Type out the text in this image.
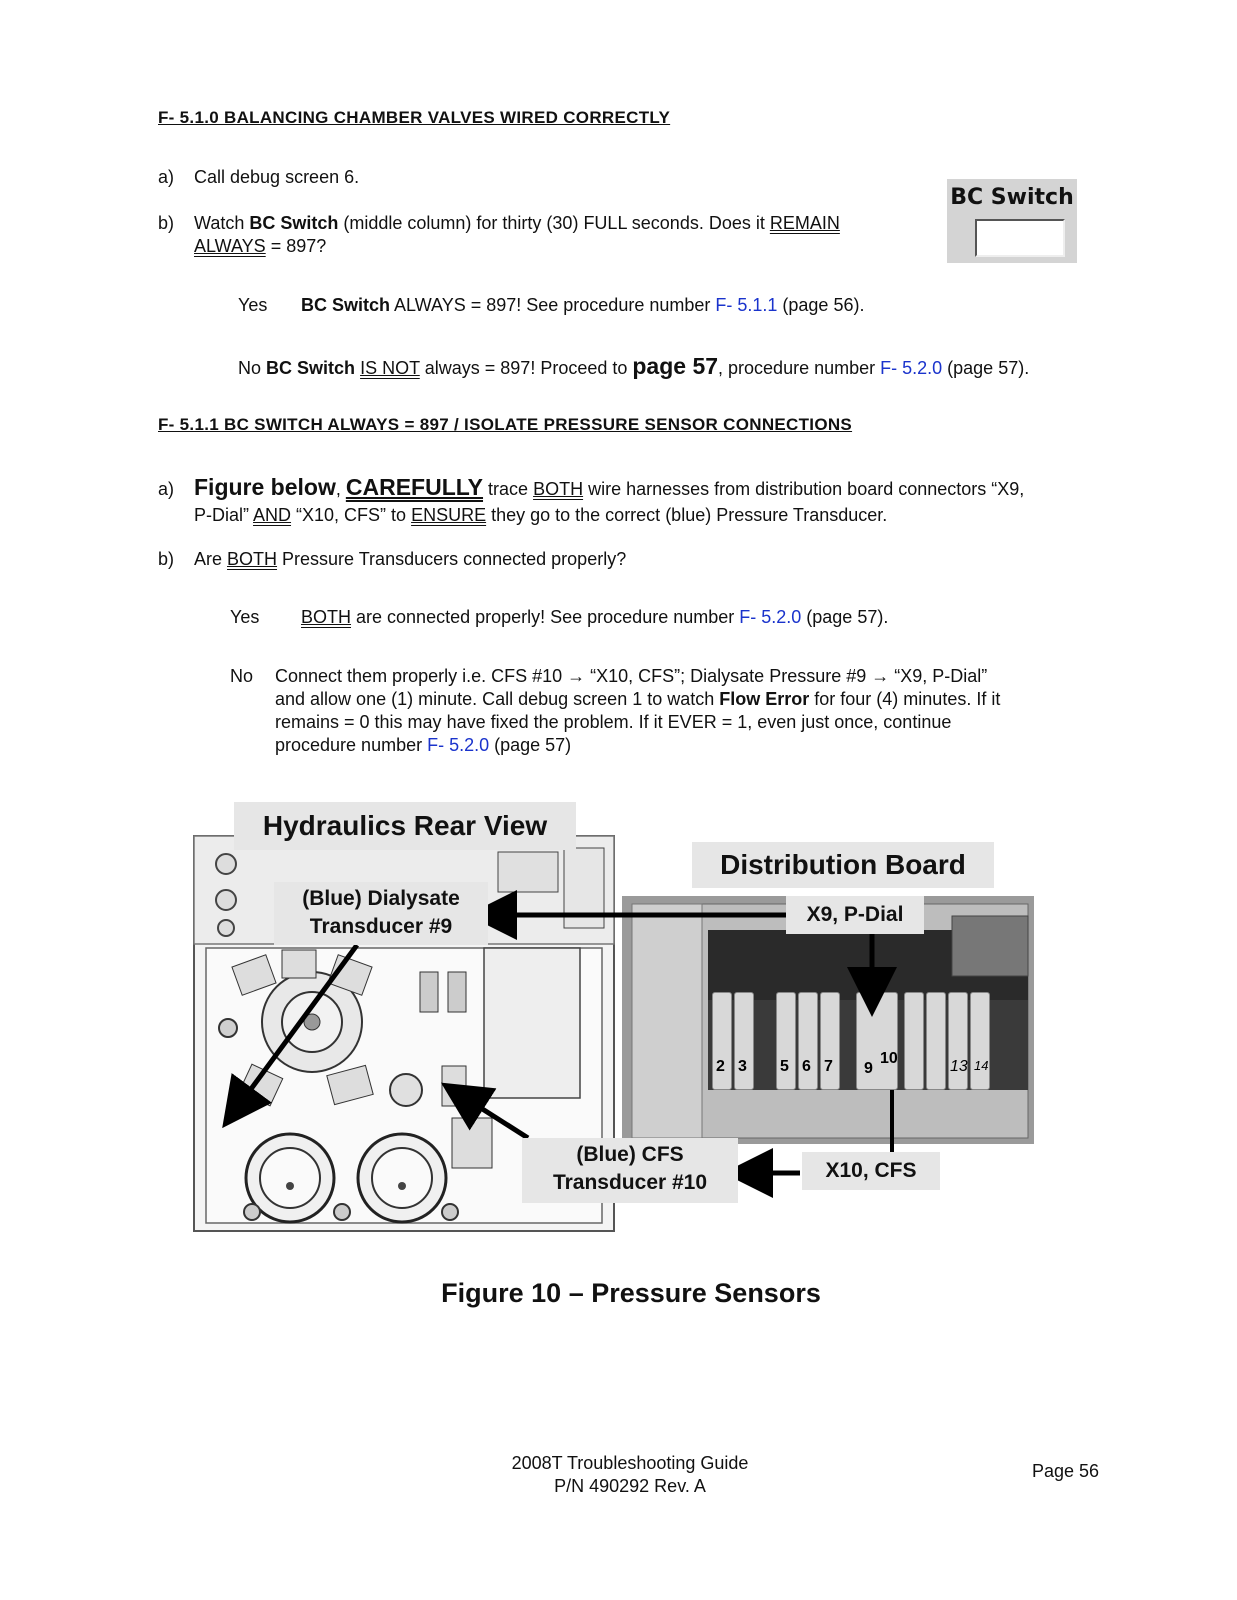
F- 5.1.0 BALANCING CHAMBER VALVES WIRED CORRECTLY
a) Call debug screen 6.
b) Watch BC Switch (middle column) for thirty (30) FULL seconds. Does it REMAIN
ALWAYS = 897?
BC Switch
Yes BC Switch ALWAYS = 897! See procedure number F- 5.1.1 (page 56).
No BC Switch IS NOT always = 897! Proceed to page 57, procedure number F- 5.2.0 (page 57).
F- 5.1.1 BC SWITCH ALWAYS = 897 / ISOLATE PRESSURE SENSOR CONNECTIONS
a) Figure below, CAREFULLY trace BOTH wire harnesses from distribution board connectors “X9,
P-Dial” AND “X10, CFS” to ENSURE they go to the correct (blue) Pressure Transducer.
b) Are BOTH Pressure Transducers connected properly?
Yes BOTH are connected properly! See procedure number F- 5.2.0 (page 57).
No Connect them properly i.e. CFS #10 → “X10, CFS”; Dialysate Pressure #9 → “X9, P-Dial”
and allow one (1) minute. Call debug screen 1 to watch Flow Error for four (4) minutes. If it
remains = 0 this may have fixed the problem. If it EVER = 1, even just once, continue
procedure number F- 5.2.0 (page 57)
2 3 5 6 7 9
10	13 14
Hydraulics Rear View
Distribution Board
(Blue) Dialysate
Transducer #9
X9, P-Dial
(Blue) CFS
Transducer #10
X10, CFS
Figure 10 – Pressure Sensors
2008T Troubleshooting Guide
P/N 490292 Rev. A
Page 56
